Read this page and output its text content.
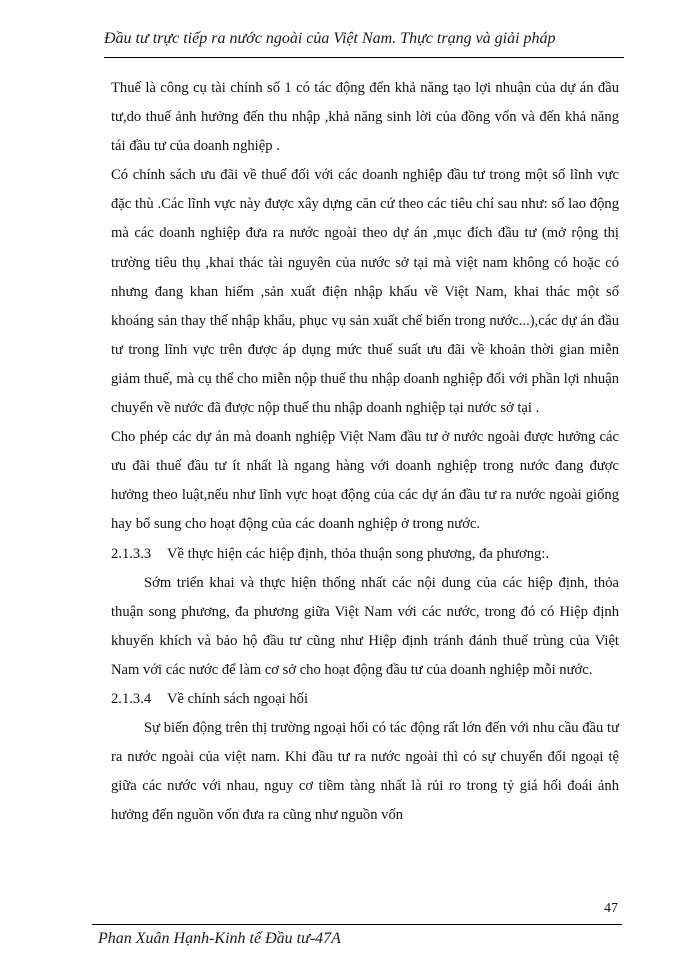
Đầu tư trực tiếp ra nước ngoài của Việt Nam. Thực trạng và giải pháp

Thuế là công cụ tài chính số 1 có tác động đến khả năng tạo lợi nhuận của dự án đầu tư,do thuế ảnh hưởng đến thu nhập ,khả năng sinh lời của đồng vốn và đến khả năng tái đầu tư của doanh nghiệp .

Có chính sách ưu đãi về thuế đối với các doanh nghiệp đầu tư trong một số lĩnh vực đặc thù .Các lĩnh vực này được xây dựng căn cứ theo các tiêu chí sau như: số lao động mà các doanh nghiệp đưa ra nước ngoài theo dự án ,mục đích đầu tư (mở rộng thị trường tiêu thụ ,khai thác tài nguyên của nước sở tại mà việt nam không có hoặc có nhưng đang khan hiếm ,sản xuất điện nhập khẩu về Việt Nam, khai thác một số khoáng sản thay thế nhập khẩu, phục vụ sản xuất chế biến trong nước...),các dự án đầu tư trong lĩnh vực trên được áp dụng mức thuế suất ưu đãi về khoản thời gian miễn giảm thuế, mà cụ thể cho miễn nộp thuế thu nhập doanh nghiệp đối với phần lợi nhuận chuyển về nước đã được nộp thuế thu nhập doanh nghiệp tại nước sở tại .

Cho phép các dự án mà doanh nghiệp Việt Nam đầu tư ở nước ngoài được hưởng các ưu đãi thuế đầu tư ít nhất là ngang hàng với doanh nghiệp trong nước đang được hưởng theo luật,nếu như lĩnh vực hoạt động của các dự án đầu tư ra nước ngoài giống hay bổ sung cho hoạt động của các doanh nghiệp ở trong nước.

2.1.3.3 Về thực hiện các hiệp định, thỏa thuận song phương, đa phương:.

Sớm triển khai và thực hiện thống nhất các nội dung của các hiệp định, thỏa thuận song phương, đa phương giữa Việt Nam với các nước, trong đó có Hiệp định khuyến khích và bảo hộ đầu tư cũng như Hiệp định tránh đánh thuế trùng của Việt Nam với các nước để làm cơ sở cho hoạt động đầu tư của doanh nghiệp mỗi nước.

2.1.3.4 Về chính sách ngoại hối

Sự biến động trên thị trường ngoại hối có tác động rất lớn đến với nhu cầu đầu tư ra nước ngoài của việt nam. Khi đầu tư ra nước ngoài thì có sự chuyển đổi ngoại tệ giữa các nước với nhau, nguy cơ tiềm tàng nhất là rủi ro trong tỷ giá hối đoái ảnh hưởng đến nguồn vốn đưa ra cũng như nguồn vốn

47
Phan Xuân Hạnh-Kinh tế Đầu tư-47A
